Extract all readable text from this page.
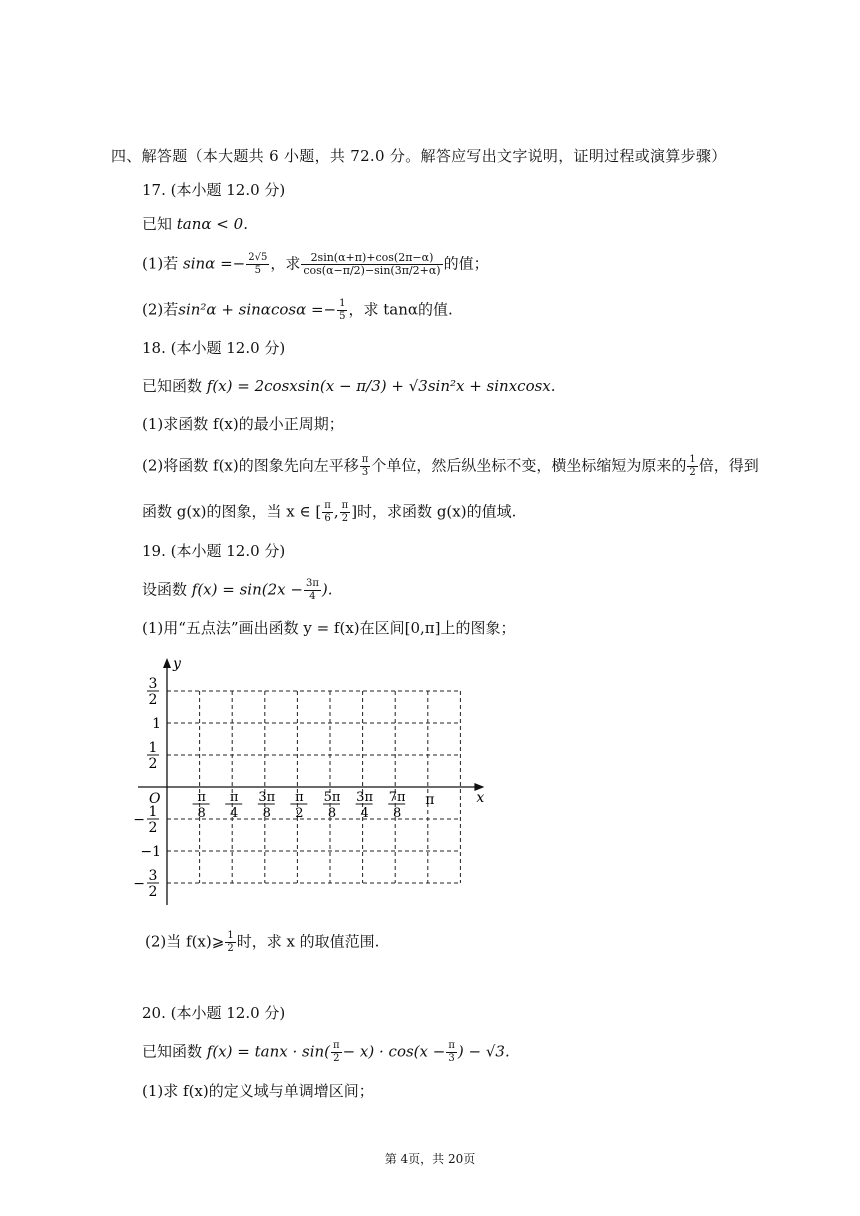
四、解答题（本大题共 6 小题，共 72.0 分。解答应写出文字说明，证明过程或演算步骤）
17. (本小题 12.0 分)
已知 tanα < 0.
(1)若 $\sin\alpha =- \frac{2√5}{5}$ ，求 $\frac{2\sin(\alpha+\pi)+\cos(2\pi-\alpha)}{\cos(\alpha-\pi/2)-\sin(3\pi/2+\alpha)}$ 的值；
(2)若$\sin^2\alpha + \sin\alpha\cos\alpha =- \frac{1}{5}$ ，求 tanα的值.
18. (本小题 12.0 分)
已知函数 f(x) = 2cosxsin(x − π/3) + √3sin²x + sinxcosx.
(1)求函数 f(x)的最小正周期；
(2)将函数 f(x)的图象先向左平移 $\frac{\pi}{3}$ 个单位，然后纵坐标不变，横坐标缩短为原来的 $\frac{1}{2}$ 倍，得到
函数 g(x)的图象，当 x ∈ [ $\frac{\pi}{6}$ , $\frac{\pi}{2}$ ]时，求函数 g(x)的值域.
19. (本小题 12.0 分)
设函数 $f(x) = \sin(2x - \frac{3\pi}{4}$ ).
(1)用“五点法”画出函数 y = f(x)在区间[0,π]上的图象；
y
x
O
3
2
1
1
2
− 1
2
−1
− 3
2
π
8
π
4
3π
8
π
2
5π
8
3π
4
7π
8
π
(2)当 f(x)⩾ $\frac{1}{2}$ 时，求 x 的取值范围.
20. (本小题 12.0 分)
已知函数 $f(x) = \tan x \cdot \sin( \frac{\pi}{2} - x) \cdot \cos(x - \frac{\pi}{3}$ ) − √3.
(1)求 f(x)的定义域与单调增区间；
第 4页，共 20页
